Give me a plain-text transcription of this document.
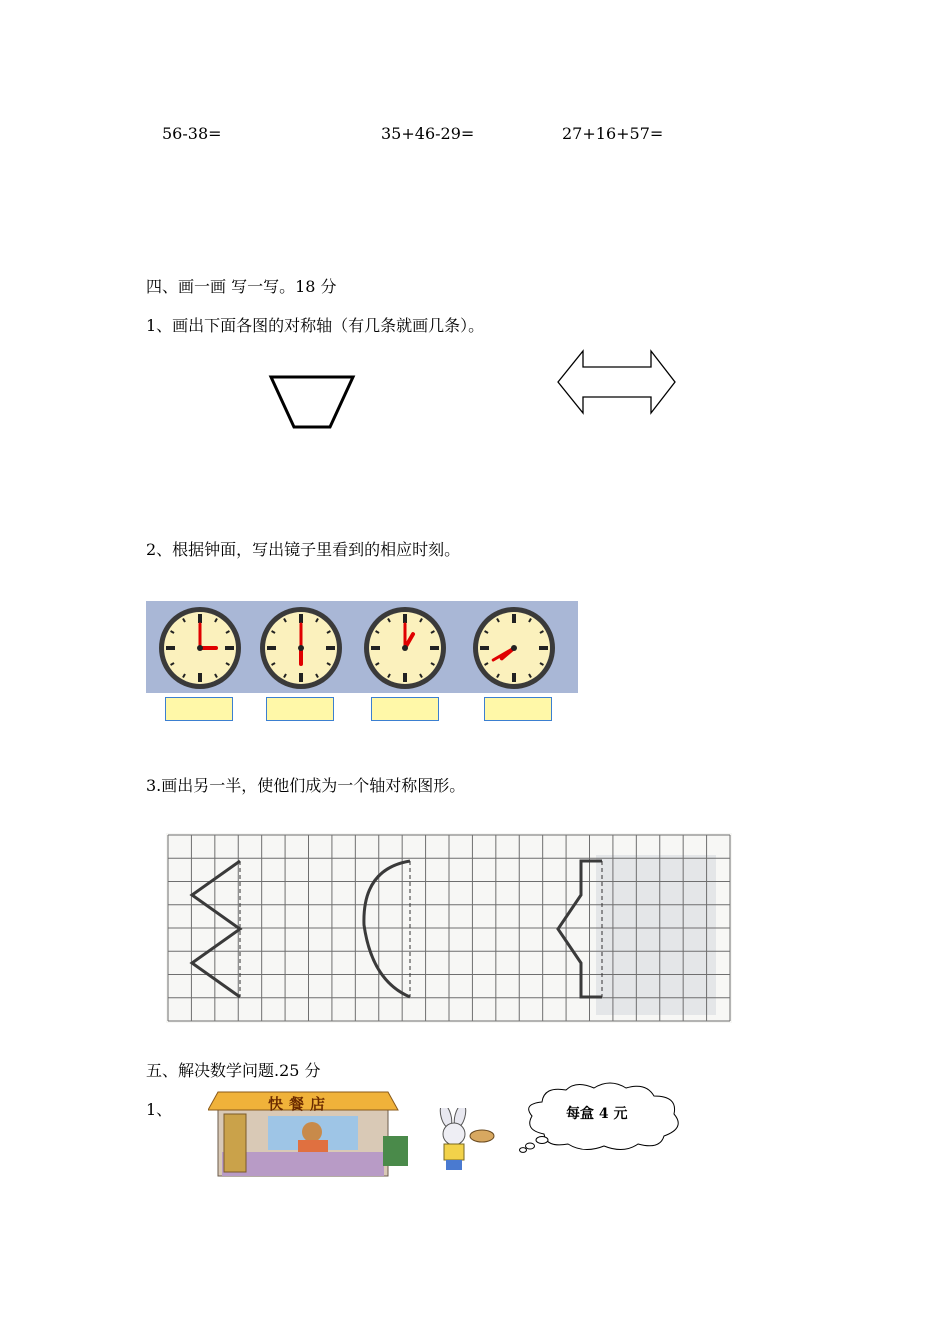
56-38=	35+46-29=	27+16+57=
四、画一画 写一写。18 分
1、画出下面各图的对称轴（有几条就画几条）。
2、根据钟面，写出镜子里看到的相应时刻。
3.画出另一半，使他们成为一个轴对称图形。
五、解决数学问题.25 分
1、	快餐店
每盒 4 元
